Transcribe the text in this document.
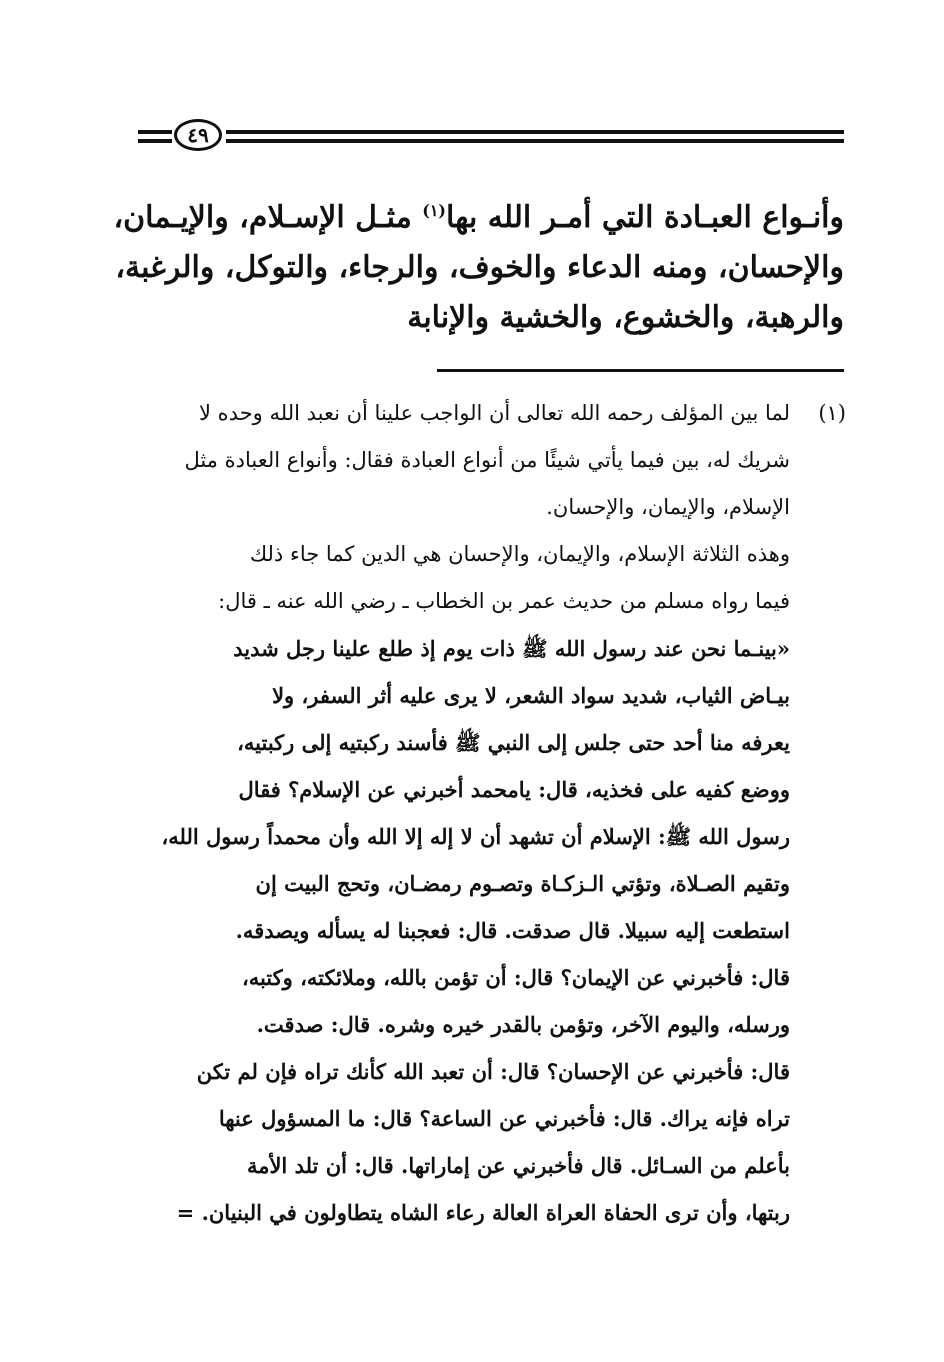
٤٩
وأنـواع العبـادة التي أمـر الله بها$^{(١)}$ مثـل الإسـلام، والإيـمان،
والإحسان، ومنه الدعاء والخوف، والرجاء، والتوكل، والرغبة،
والرهبة، والخشوع، والخشية والإنابة
(١)
لما بين المؤلف رحمه الله تعالى أن الواجب علينا أن نعبد الله وحده لا
شريك له، بين فيما يأتي شيئًا من أنواع العبادة فقال: وأنواع العبادة مثل
الإسلام، والإيمان، والإحسان.
وهذه الثلاثة الإسلام، والإيمان، والإحسان هي الدين كما جاء ذلك
فيما رواه مسلم من حديث عمر بن الخطاب ـ رضي الله عنه ـ قال:
«بينـما نحن عند رسول الله ﷺ ذات يوم إذ طلع علينا رجل شديد
بيـاض الثياب، شديد سواد الشعر، لا يرى عليه أثر السفر، ولا
يعرفه منا أحد حتى جلس إلى النبي ﷺ فأسند ركبتيه إلى ركبتيه،
ووضع كفيه على فخذيه، قال: يامحمد أخبرني عن الإسلام؟ فقال
رسول الله ﷺ: الإسلام أن تشهد أن لا إله إلا الله وأن محمداً رسول الله،
وتقيم الصـلاة، وتؤتي الـزكـاة وتصـوم رمضـان، وتحج البيت إن
استطعت إليه سبيلا. قال صدقت. قال: فعجبنا له يسأله ويصدقه.
قال: فأخبرني عن الإيمان؟ قال: أن تؤمن بالله، وملائكته، وكتبه،
ورسله، واليوم الآخر، وتؤمن بالقدر خيره وشره. قال: صدقت.
قال: فأخبرني عن الإحسان؟ قال: أن تعبد الله كأنك تراه فإن لم تكن
تراه فإنه يراك. قال: فأخبرني عن الساعة؟ قال: ما المسؤول عنها
بأعلم من السـائل. قال فأخبرني عن إماراتها. قال: أن تلد الأمة
ربتها، وأن ترى الحفاة العراة العالة رعاء الشاه يتطاولون في البنيان. =
